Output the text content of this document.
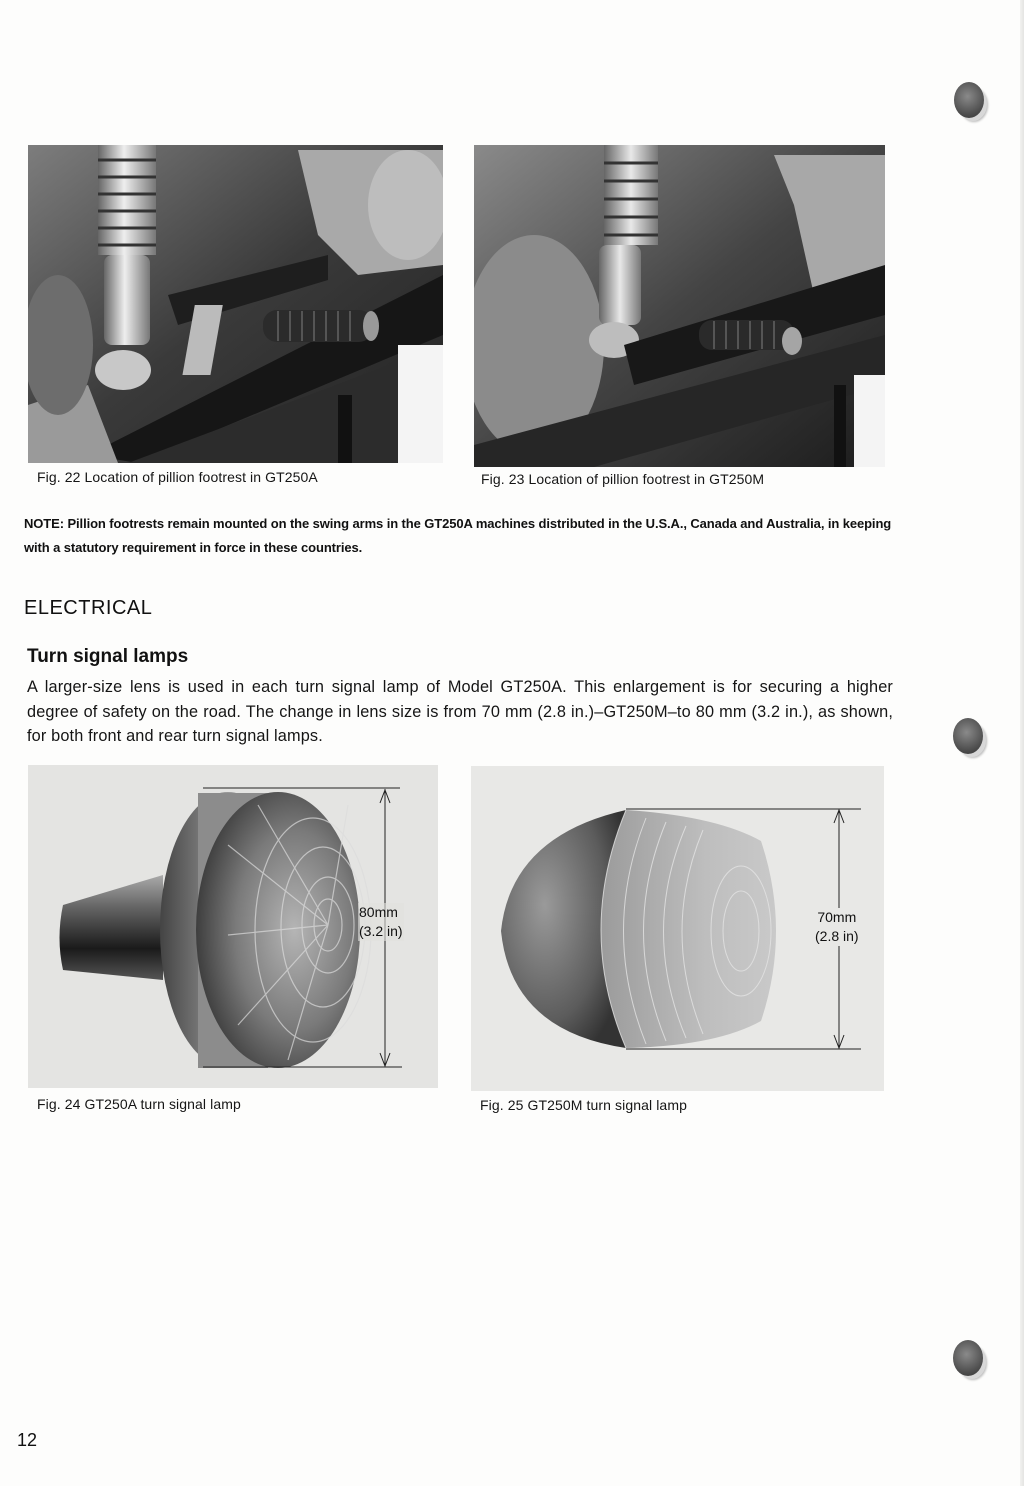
Fig. 22 Location of pillion footrest in GT250A	Fig. 23 Location of pillion footrest in GT250M
NOTE: Pillion footrests remain mounted on the swing arms in the GT250A machines distributed in the U.S.A., Canada and Australia, in keeping with a statutory requirement in force in these countries.
ELECTRICAL
Turn signal lamps
A larger-size lens is used in each turn signal lamp of Model GT250A. This enlargement is for securing a higher degree of safety on the road. The change in lens size is from 70 mm (2.8 in.)–GT250M–to 80 mm (3.2 in.), as shown, for both front and rear turn signal lamps.
80mm
(3.2 in)
70mm
(2.8 in)
Fig. 24 GT250A turn signal lamp	Fig. 25 GT250M turn signal lamp
12
